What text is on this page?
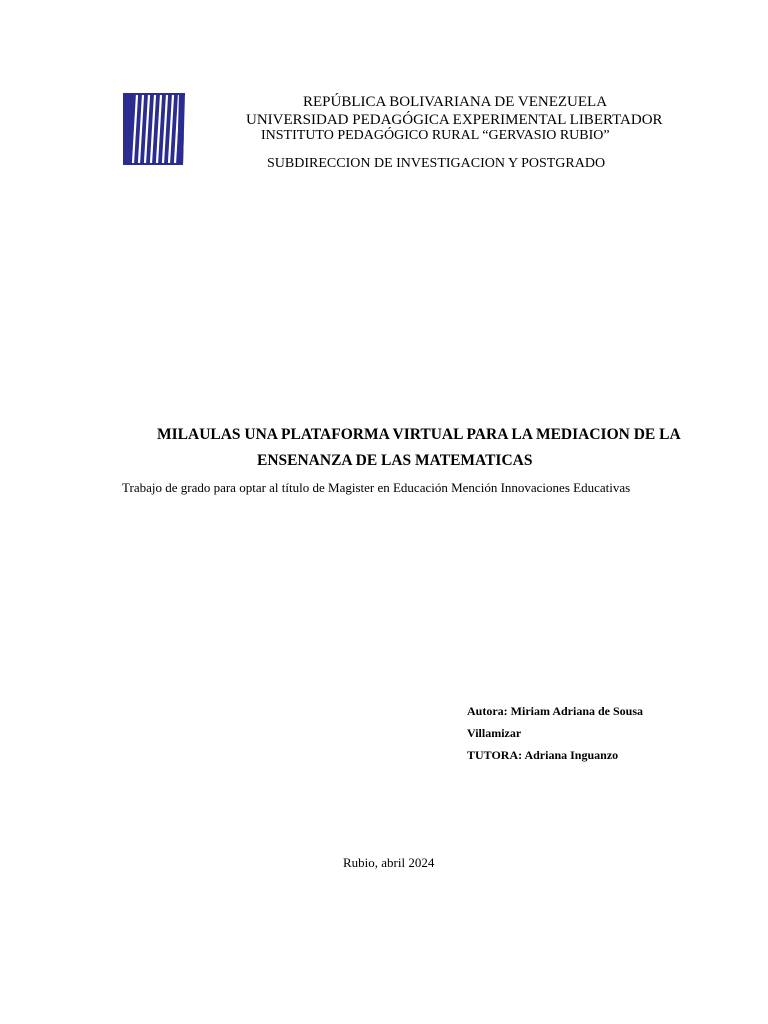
REPÚBLICA BOLIVARIANA DE VENEZUELA
UNIVERSIDAD PEDAGÓGICA EXPERIMENTAL LIBERTADOR
INSTITUTO PEDAGÓGICO RURAL “GERVASIO RUBIO”
SUBDIRECCION DE INVESTIGACION Y POSTGRADO
MILAULAS UNA PLATAFORMA VIRTUAL PARA LA MEDIACION DE LA
ENSENANZA DE LAS MATEMATICAS
Trabajo de grado para optar al título de Magister en Educación Mención Innovaciones Educativas
Autora: Miriam Adriana de Sousa
Villamizar
TUTORA: Adriana Inguanzo
Rubio, abril 2024
